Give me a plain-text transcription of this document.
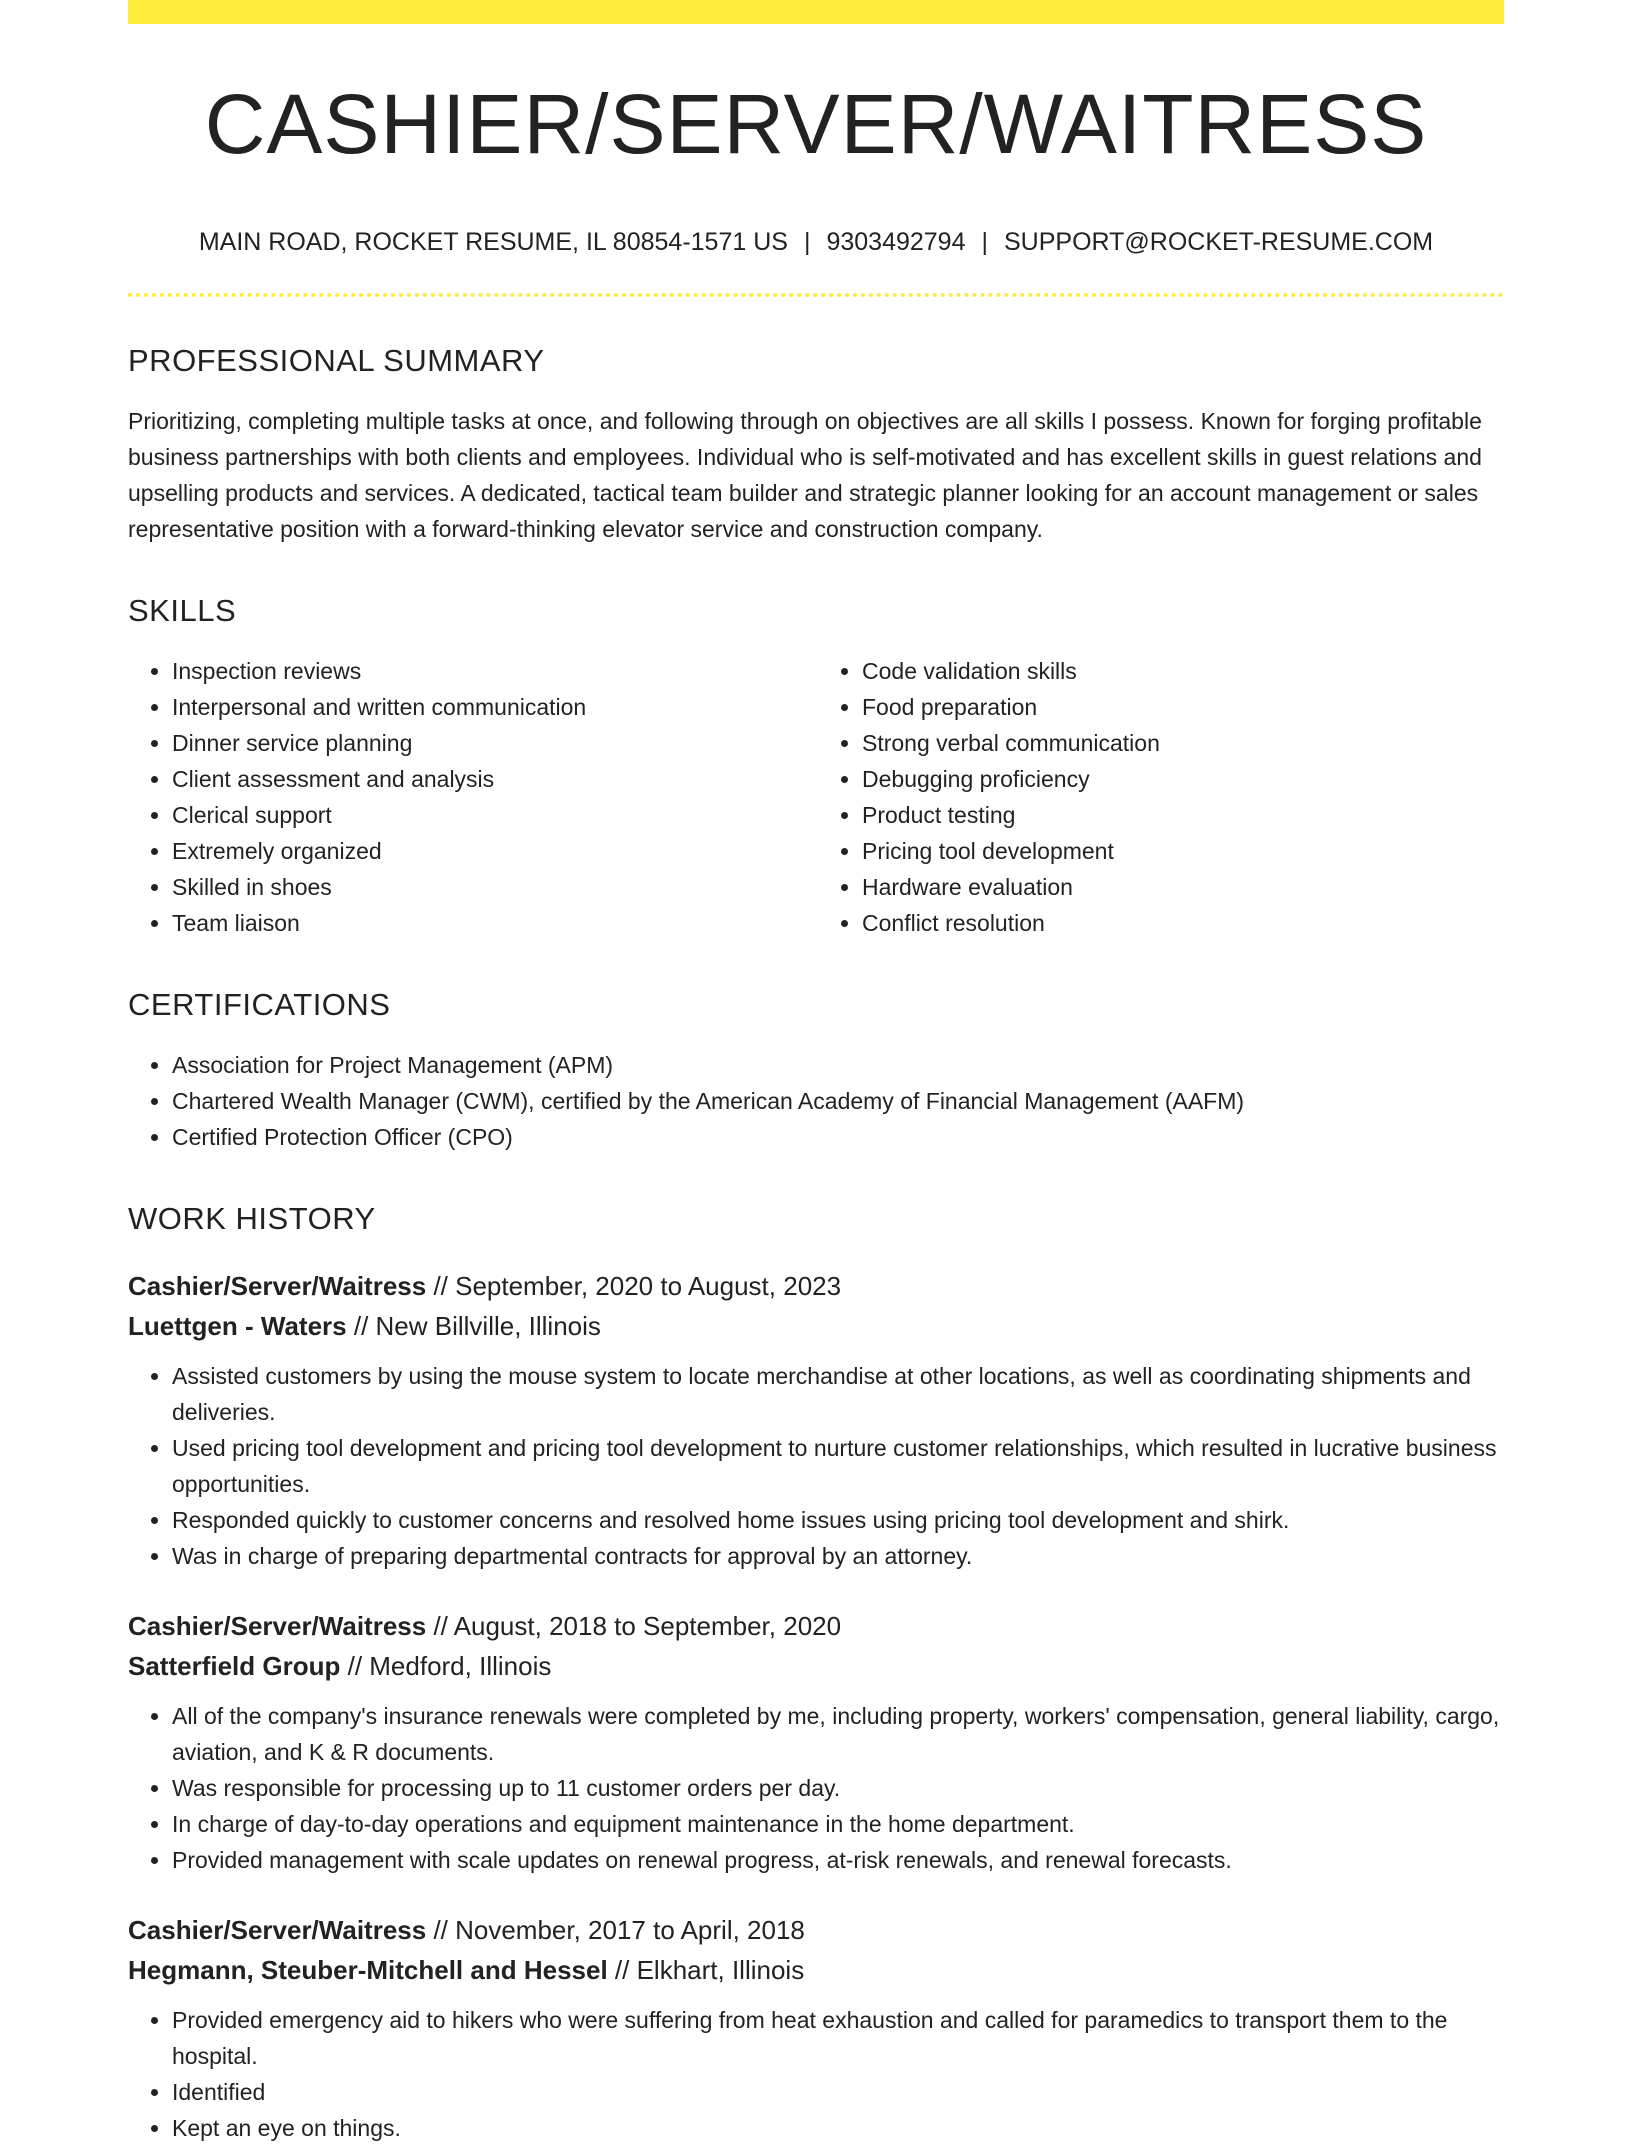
CASHIER/SERVER/WAITRESS
MAIN ROAD, ROCKET RESUME, IL 80854-1571 US | 9303492794 | SUPPORT@ROCKET-RESUME.COM
PROFESSIONAL SUMMARY
Prioritizing, completing multiple tasks at once, and following through on objectives are all skills I possess. Known for forging profitable business partnerships with both clients and employees. Individual who is self-motivated and has excellent skills in guest relations and upselling products and services. A dedicated, tactical team builder and strategic planner looking for an account management or sales representative position with a forward-thinking elevator service and construction company.
SKILLS
• Inspection reviews
• Interpersonal and written communication
• Dinner service planning
• Client assessment and analysis
• Clerical support
• Extremely organized
• Skilled in shoes
• Team liaison
• Code validation skills
• Food preparation
• Strong verbal communication
• Debugging proficiency
• Product testing
• Pricing tool development
• Hardware evaluation
• Conflict resolution
CERTIFICATIONS
• Association for Project Management (APM)
• Chartered Wealth Manager (CWM), certified by the American Academy of Financial Management (AAFM)
• Certified Protection Officer (CPO)
WORK HISTORY
Cashier/Server/Waitress // September, 2020 to August, 2023
Luettgen - Waters // New Billville, Illinois
• Assisted customers by using the mouse system to locate merchandise at other locations, as well as coordinating shipments and deliveries.
• Used pricing tool development and pricing tool development to nurture customer relationships, which resulted in lucrative business opportunities.
• Responded quickly to customer concerns and resolved home issues using pricing tool development and shirk.
• Was in charge of preparing departmental contracts for approval by an attorney.
Cashier/Server/Waitress // August, 2018 to September, 2020
Satterfield Group // Medford, Illinois
• All of the company's insurance renewals were completed by me, including property, workers' compensation, general liability, cargo, aviation, and K & R documents.
• Was responsible for processing up to 11 customer orders per day.
• In charge of day-to-day operations and equipment maintenance in the home department.
• Provided management with scale updates on renewal progress, at-risk renewals, and renewal forecasts.
Cashier/Server/Waitress // November, 2017 to April, 2018
Hegmann, Steuber-Mitchell and Hessel // Elkhart, Illinois
• Provided emergency aid to hikers who were suffering from heat exhaustion and called for paramedics to transport them to the hospital.
• Identified
• Kept an eye on things.
